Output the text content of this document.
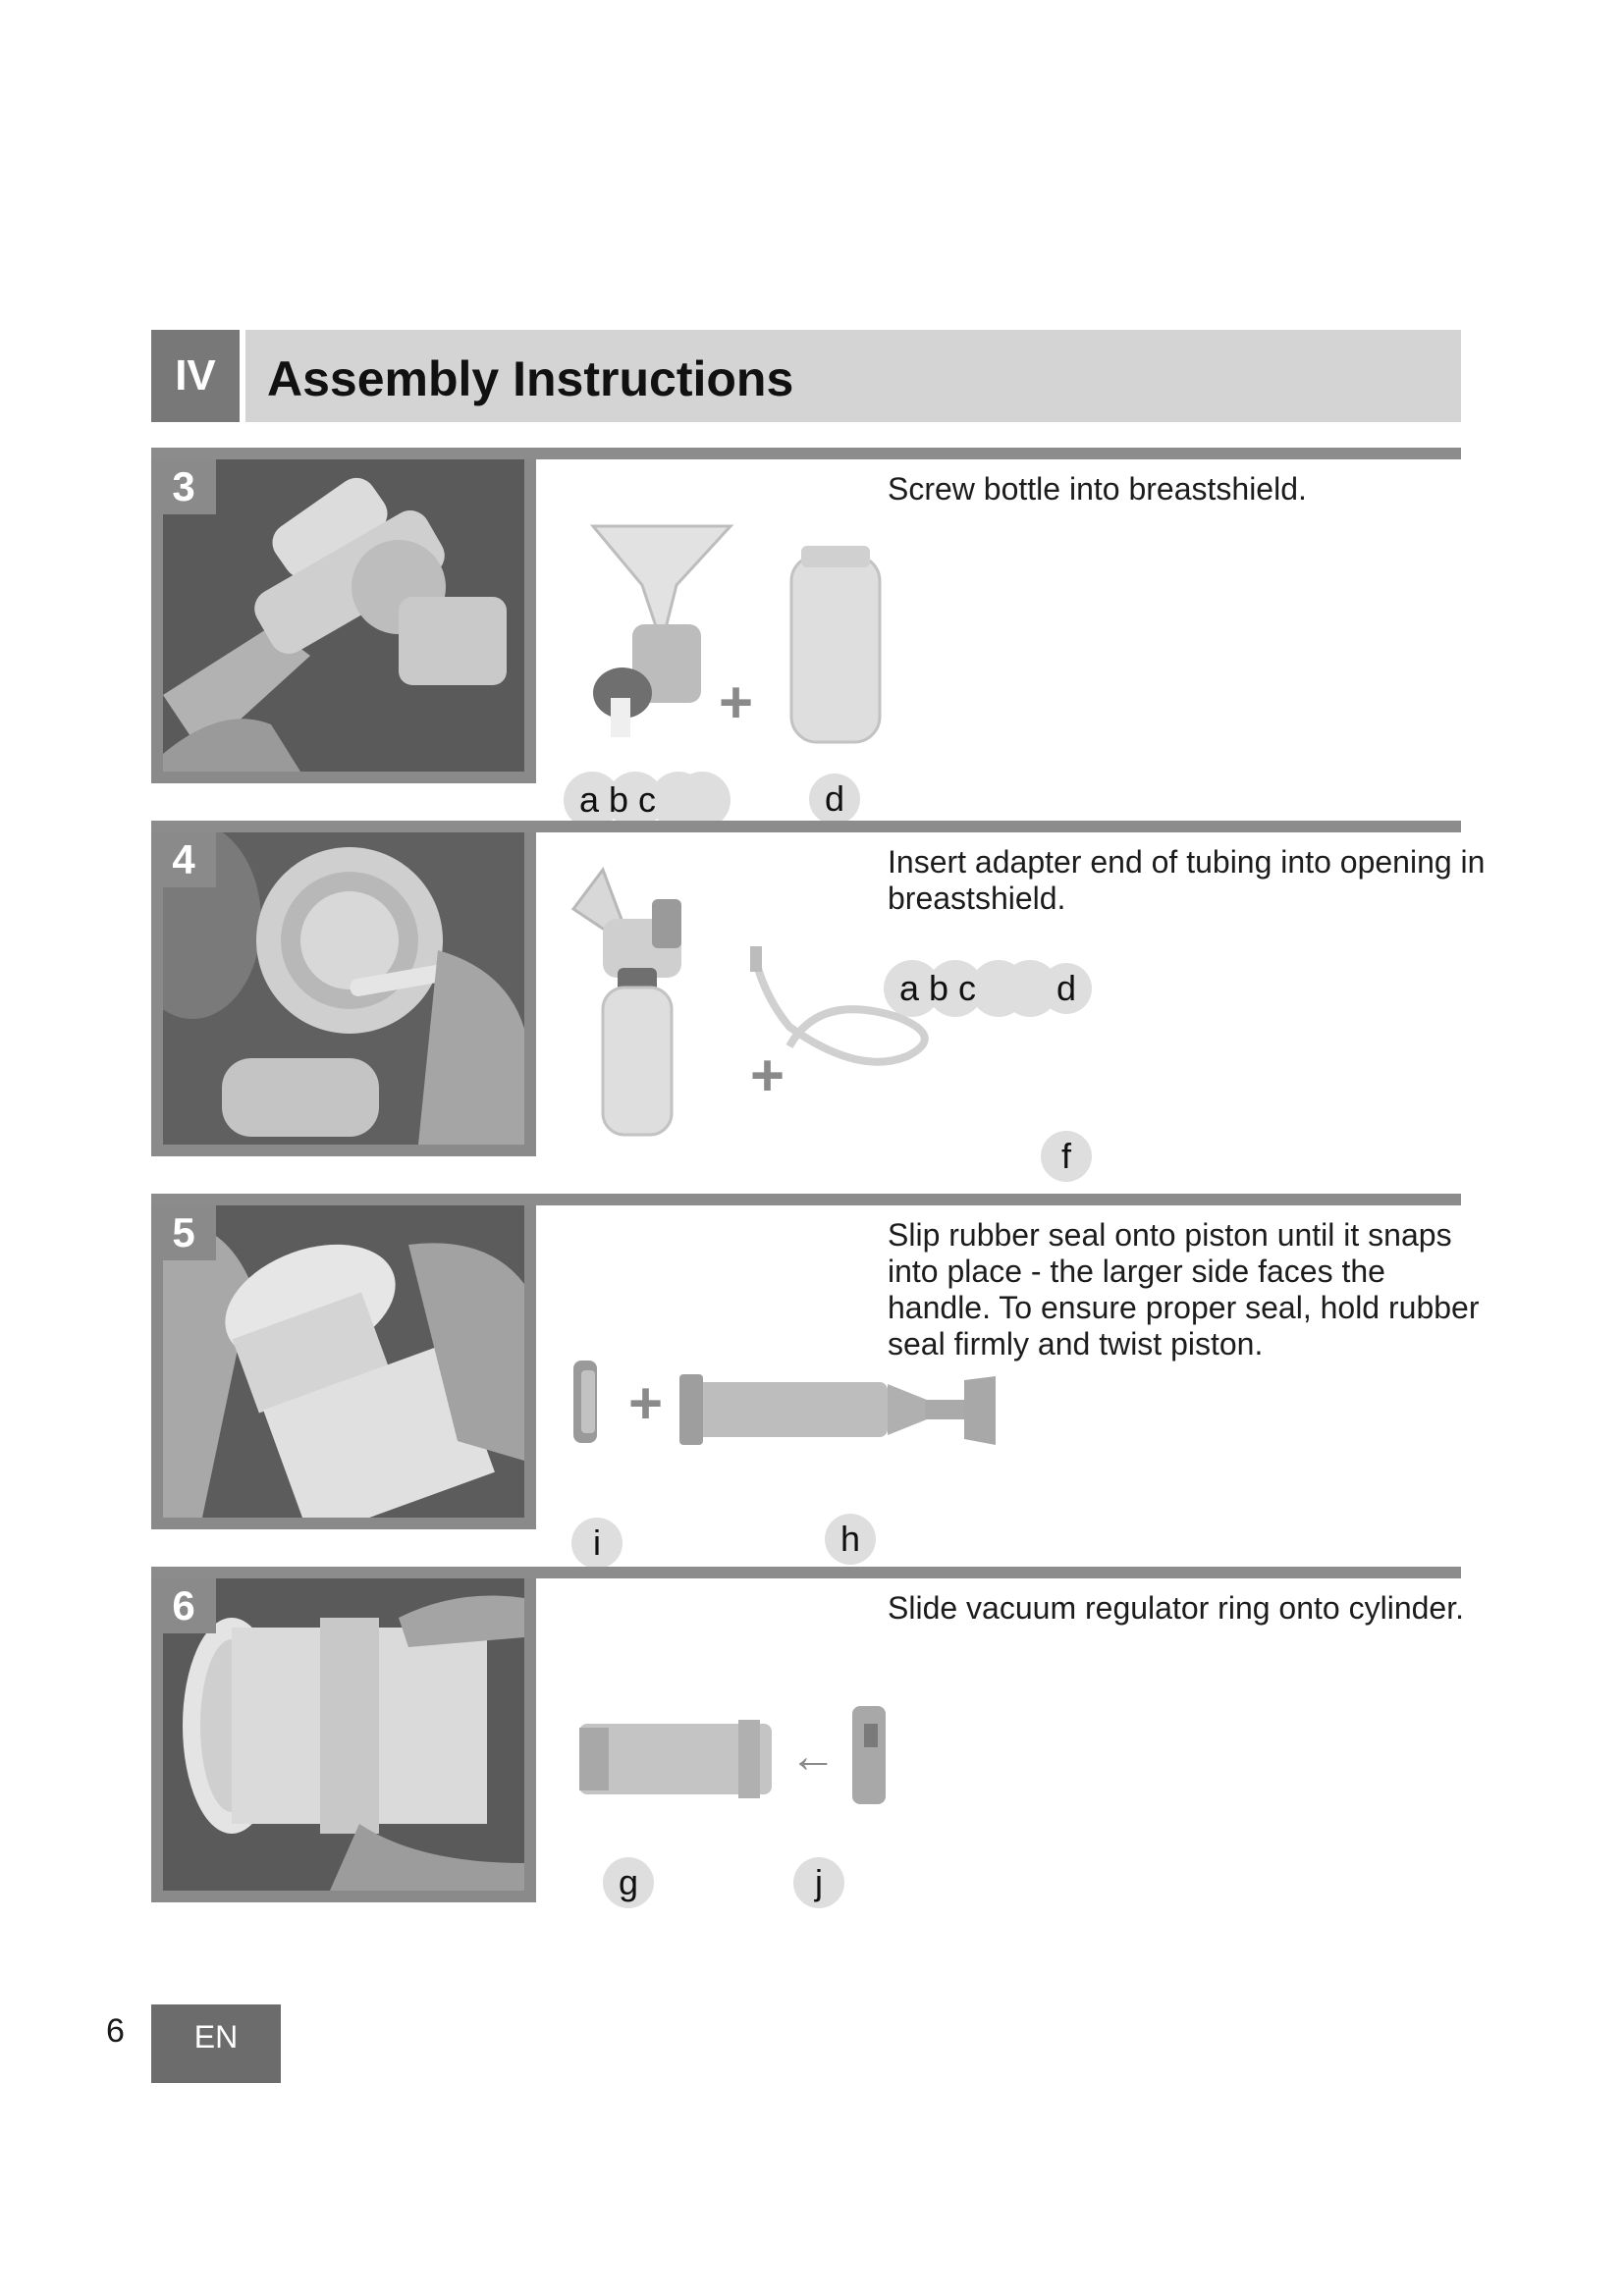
IV	Assembly Instructions
3	Screw bottle into breastshield.
+
a b c	d
4	Insert adapter end of tubing into opening in breastshield.
a b c	d
+
f
5	Slip rubber seal onto piston until it snaps into place - the larger side faces the handle. To ensure proper seal, hold rubber seal firmly and twist piston.
+
i	h
6	Slide vacuum regulator ring onto cylinder.
←
g	j
6	EN
